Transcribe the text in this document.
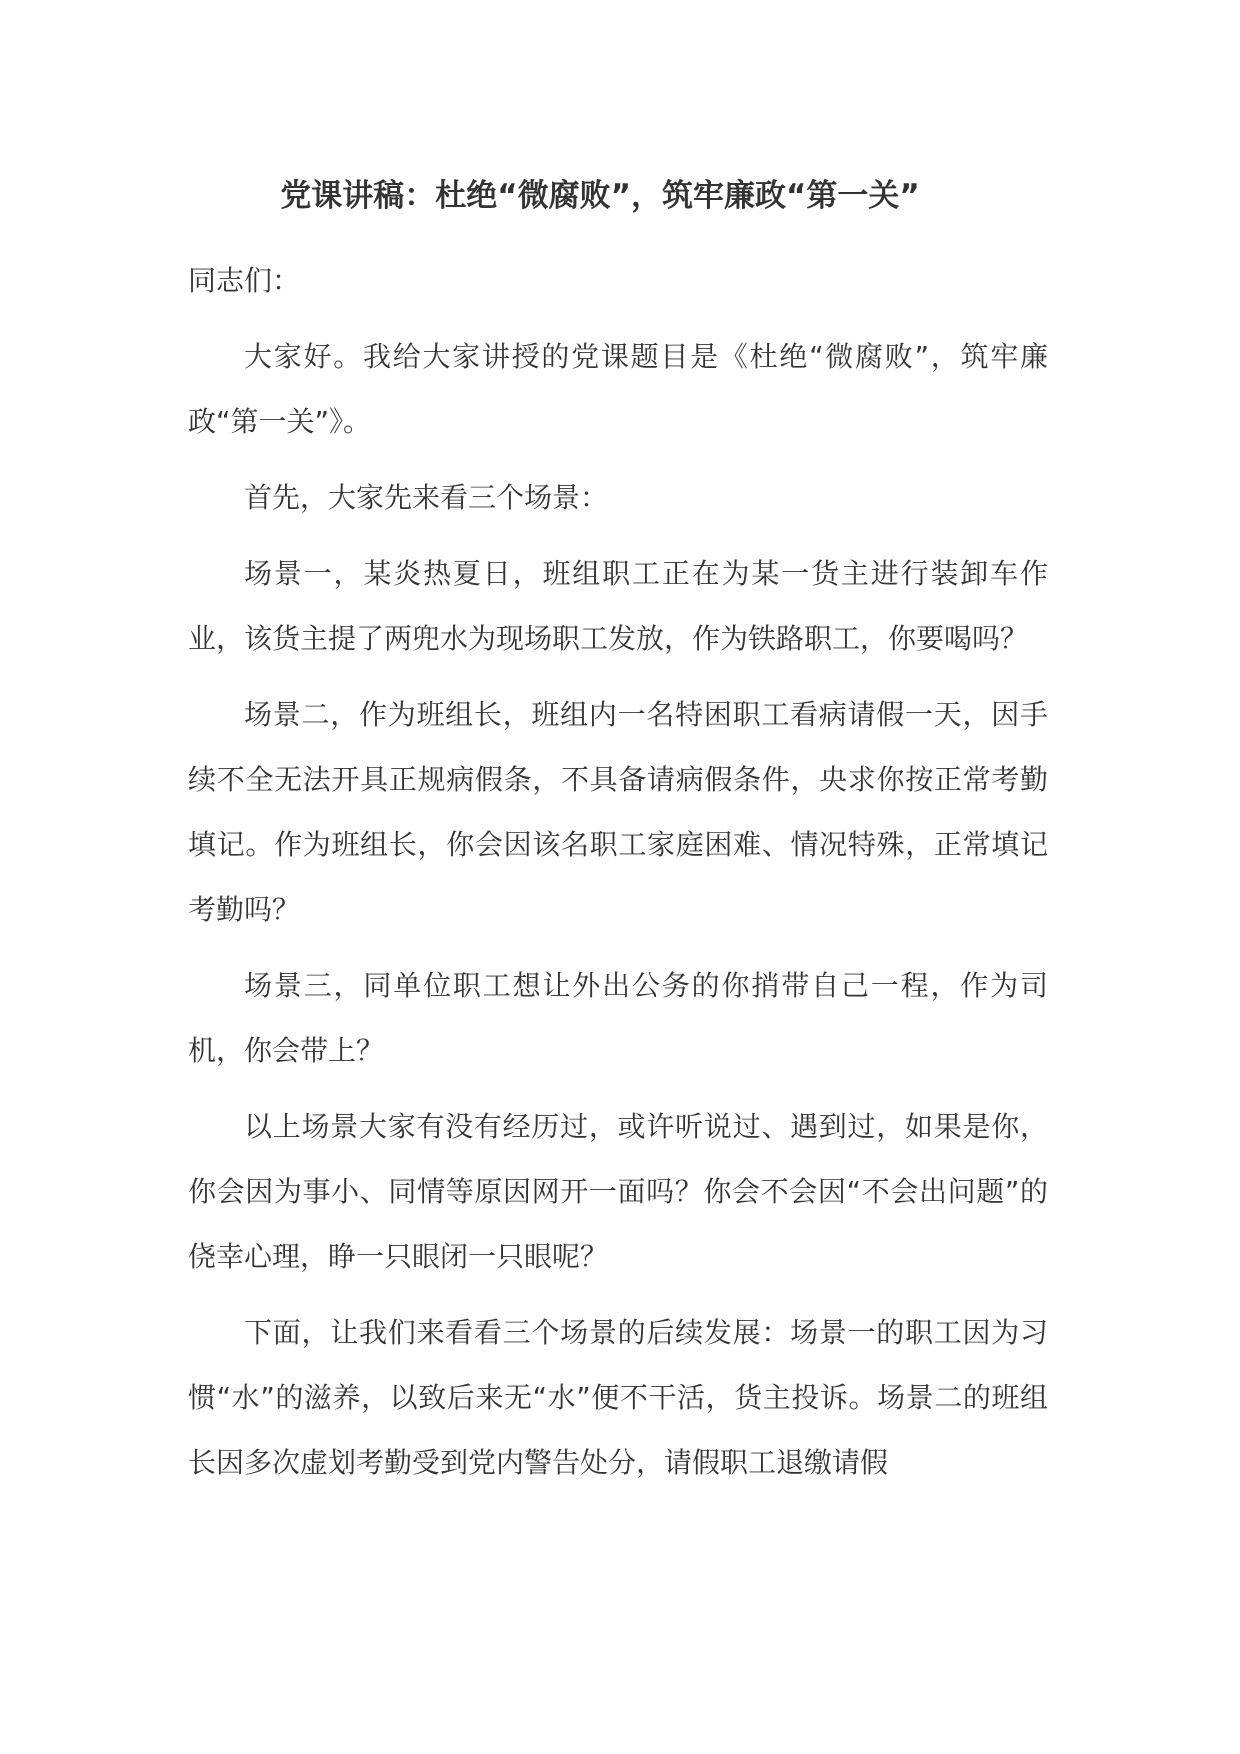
党课讲稿：杜绝“微腐败”，筑牢廉政“第一关”

同志们：

大家好。我给大家讲授的党课题目是《杜绝“微腐败”，筑牢廉政“第一关”》。

首先，大家先来看三个场景：

场景一，某炎热夏日，班组职工正在为某一货主进行装卸车作业，该货主提了两兜水为现场职工发放，作为铁路职工，你要喝吗？

场景二，作为班组长，班组内一名特困职工看病请假一天，因手续不全无法开具正规病假条，不具备请病假条件，央求你按正常考勤填记。作为班组长，你会因该名职工家庭困难、情况特殊，正常填记考勤吗？

场景三，同单位职工想让外出公务的你捎带自己一程，作为司机，你会带上？

以上场景大家有没有经历过，或许听说过、遇到过，如果是你，你会因为事小、同情等原因网开一面吗？你会不会因“不会出问题”的侥幸心理，睁一只眼闭一只眼呢？

下面，让我们来看看三个场景的后续发展：场景一的职工因为习惯“水”的滋养，以致后来无“水”便不干活，货主投诉。场景二的班组长因多次虚划考勤受到党内警告处分，请假职工退缴请假
